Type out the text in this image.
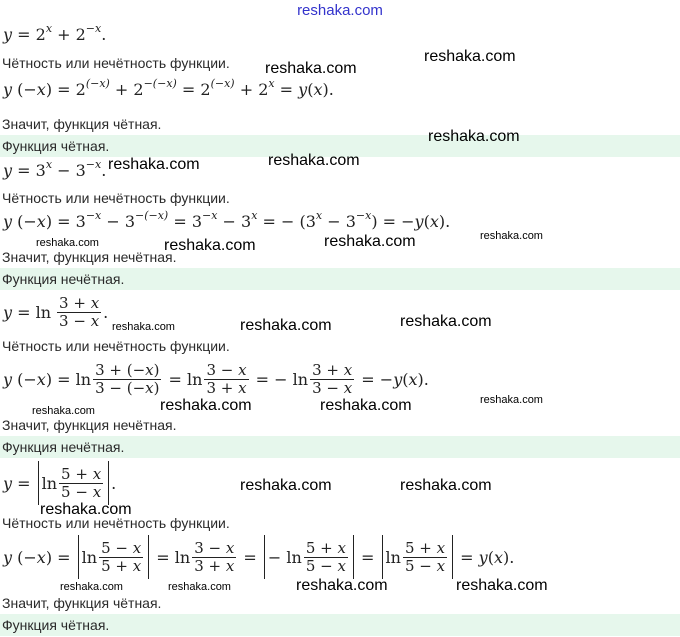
reshaka.com
y = 2 x + 2 −x .
Чётность или нечётность функции.
y (− x ) = 2 (−x) + 2 −(−x) = 2 (−x) + 2 x = y ( x ).
Значит, функция чётная.
Функция чётная.
y = 3 x − 3 −x .
Чётность или нечётность функции.
y (− x ) = 3 −x − 3 −(−x) = 3 −x − 3 x = − (3 x − 3 −x ) = − y ( x ).
Значит, функция нечётная.
Функция нечётная.
$y = \ln \frac{3 + x}{3 - x}$ .
Чётность или нечётность функции.
y (− x ) = $\ln \frac{3 + (-x)}{3 - (-x)} = \ln \frac{3 - x}{3 + x}$ = − $\ln \frac{3 + x}{3 - x}$ = − y ( x ).
Значит, функция нечётная.
Функция нечётная.
$y = \ln \frac{5 + x}{5 - x}$ .
Чётность или нечётность функции.
y (− x ) = $\ln \frac{5 - x}{5 + x} = \ln \frac{3 - x}{3 + x}$ = − $\ln \frac{5 + x}{5 - x} = \ln \frac{5 + x}{5 - x} = y$ ( x ).
Значит, функция чётная.
Функция чётная.
reshaka.com
reshaka.com
reshaka.com
reshaka.com	reshaka.com
reshaka.com	reshaka.com	reshaka.com	reshaka.com
reshaka.com	reshaka.com	reshaka.com
reshaka.com	reshaka.com	reshaka.com	reshaka.com
reshaka.com	reshaka.com
reshaka.com
reshaka.com	reshaka.com	reshaka.com	reshaka.com
